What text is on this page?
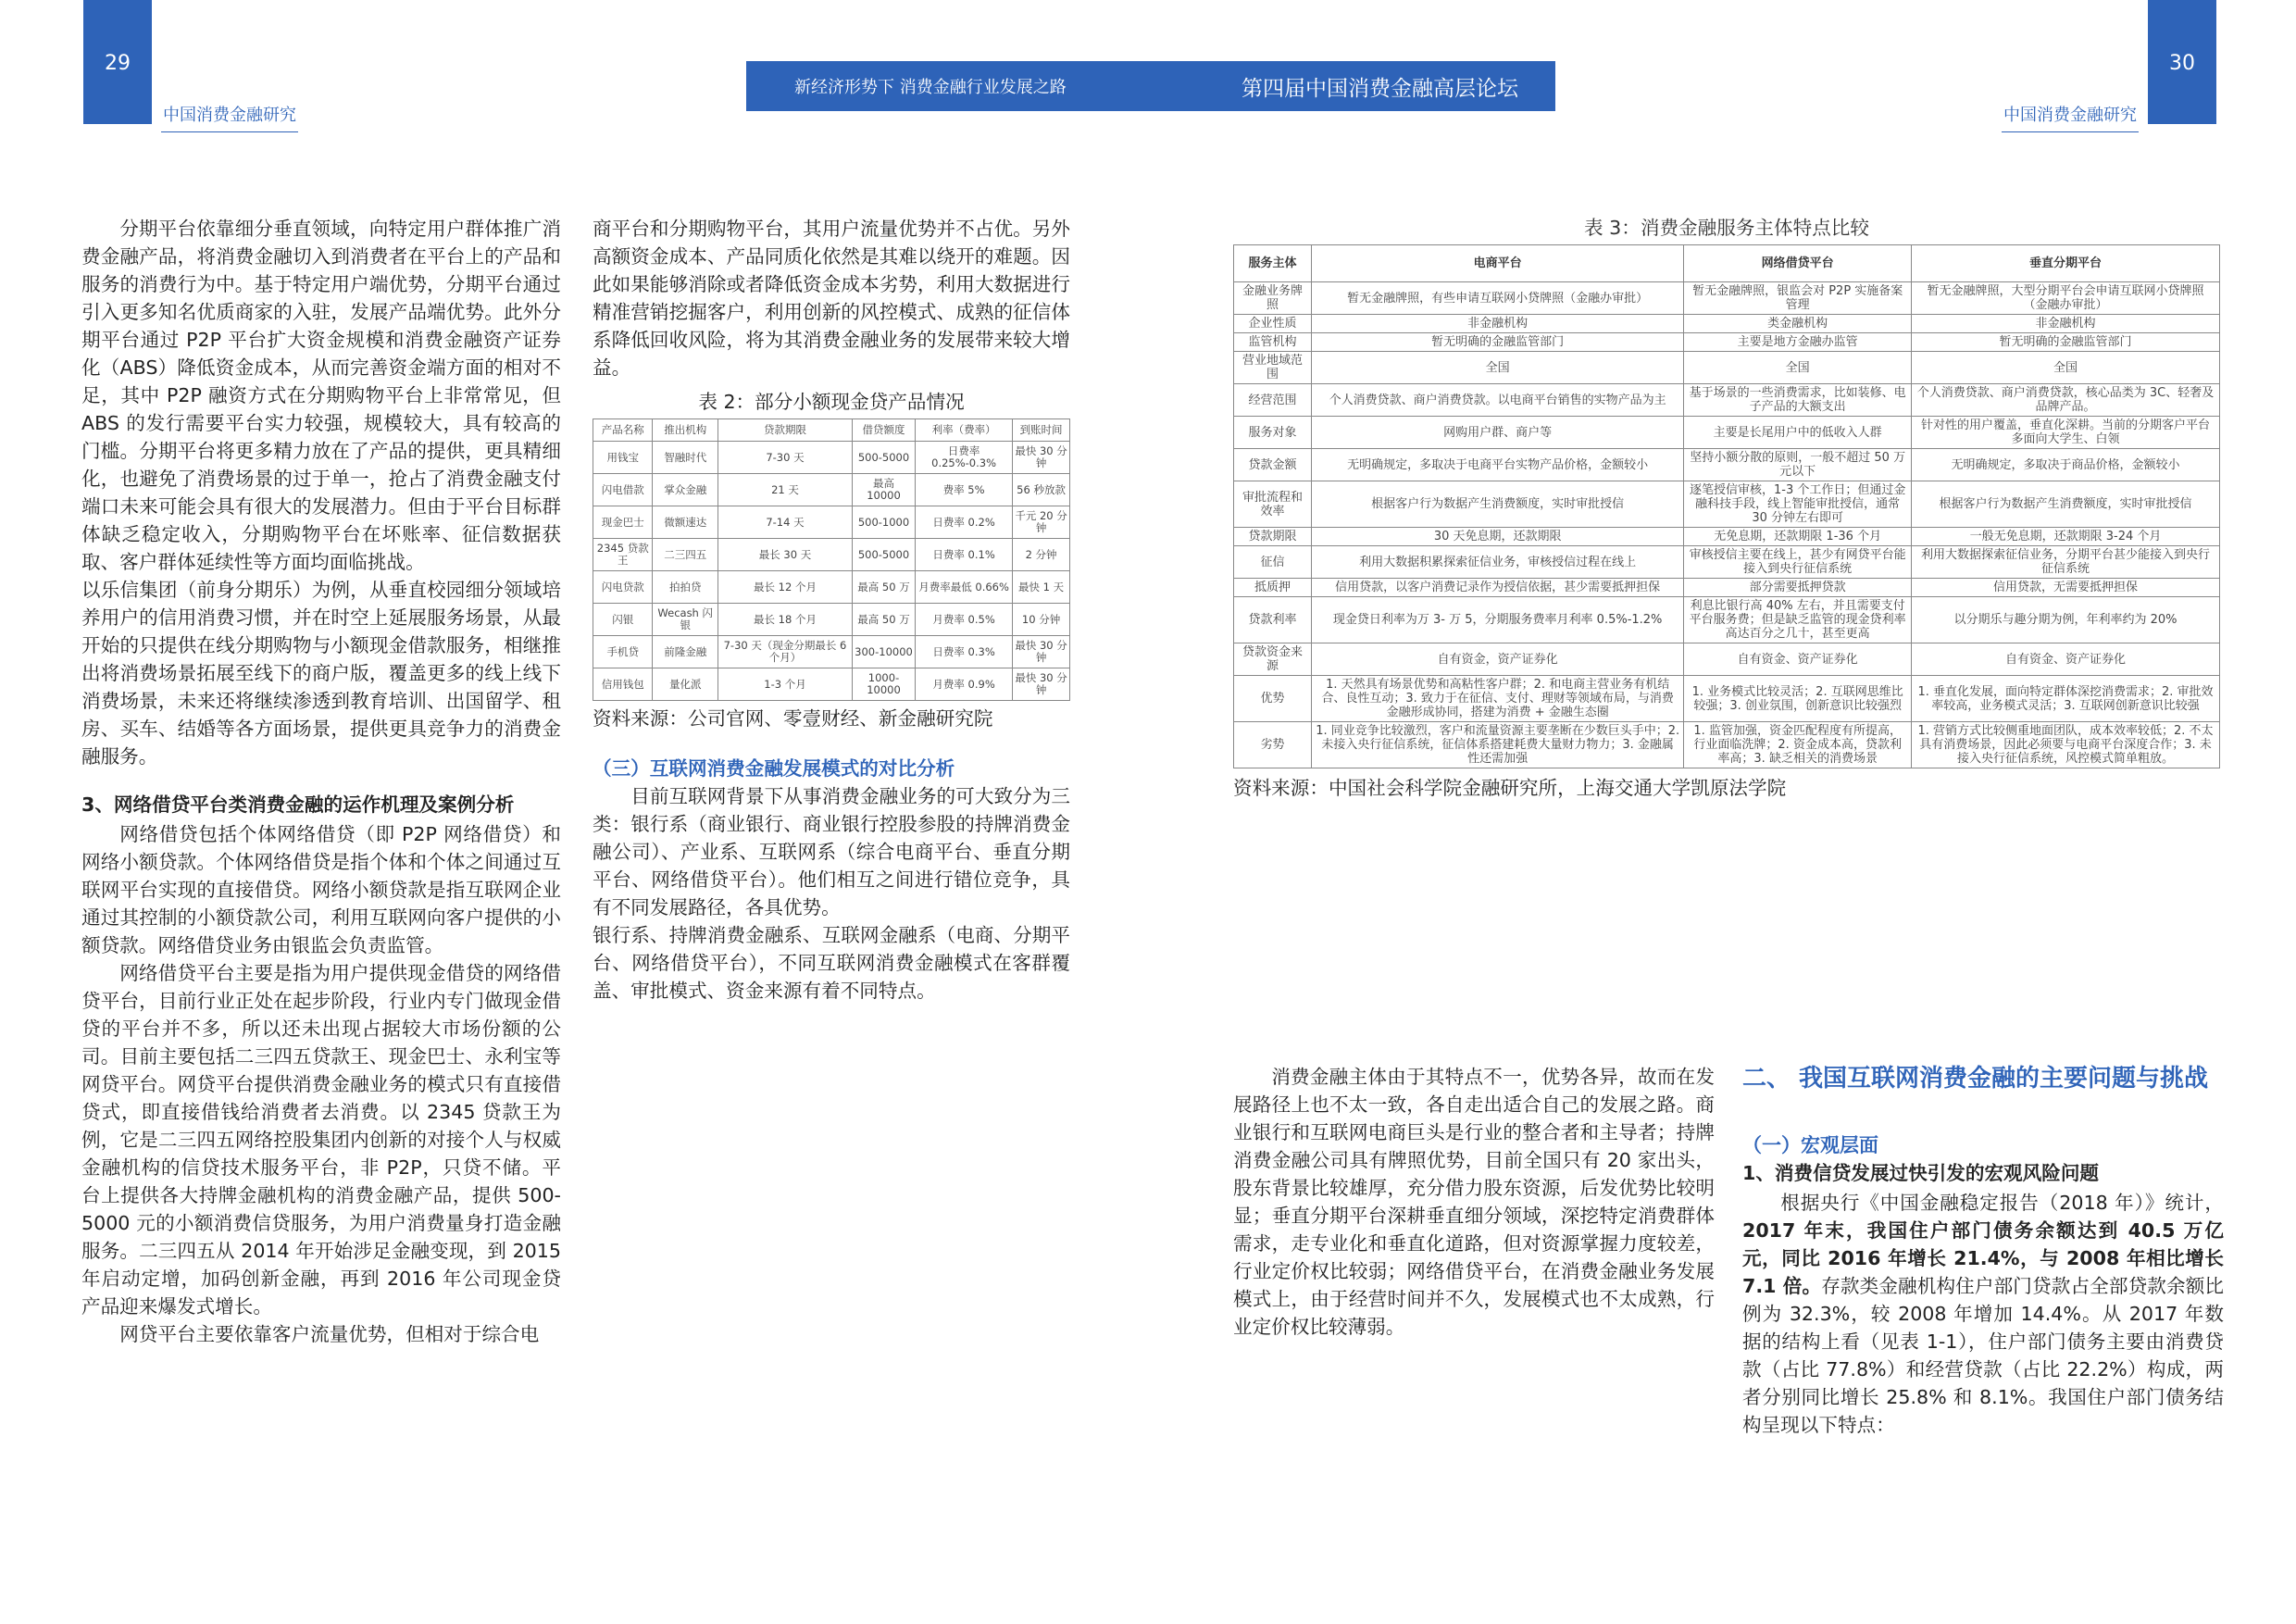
29
中国消费金融研究
新经济形势下 消费金融行业发展之路	第四届中国消费金融高层论坛
30
中国消费金融研究

分期平台依靠细分垂直领域，向特定用户群体推广消费金融产品，将消费金融切入到消费者在平台上的产品和服务的消费行为中。基于特定用户端优势，分期平台通过引入更多知名优质商家的入驻，发展产品端优势。此外分期平台通过 P2P 平台扩大资金规模和消费金融资产证券化（ABS）降低资金成本，从而完善资金端方面的相对不足，其中 P2P 融资方式在分期购物平台上非常常见，但 ABS 的发行需要平台实力较强，规模较大，具有较高的门槛。分期平台将更多精力放在了产品的提供，更具精细化，也避免了消费场景的过于单一，抢占了消费金融支付端口未来可能会具有很大的发展潜力。但由于平台目标群体缺乏稳定收入，分期购物平台在坏账率、征信数据获取、客户群体延续性等方面均面临挑战。

以乐信集团（前身分期乐）为例，从垂直校园细分领域培养用户的信用消费习惯，并在时空上延展服务场景，从最开始的只提供在线分期购物与小额现金借款服务，相继推出将消费场景拓展至线下的商户版，覆盖更多的线上线下消费场景，未来还将继续渗透到教育培训、出国留学、租房、买车、结婚等各方面场景，提供更具竞争力的消费金融服务。

3、网络借贷平台类消费金融的运作机理及案例分析

网络借贷包括个体网络借贷（即 P2P 网络借贷）和网络小额贷款。个体网络借贷是指个体和个体之间通过互联网平台实现的直接借贷。网络小额贷款是指互联网企业通过其控制的小额贷款公司，利用互联网向客户提供的小额贷款。网络借贷业务由银监会负责监管。

网络借贷平台主要是指为用户提供现金借贷的网络借贷平台，目前行业正处在起步阶段，行业内专门做现金借贷的平台并不多，所以还未出现占据较大市场份额的公司。目前主要包括二三四五贷款王、现金巴士、永利宝等网贷平台。网贷平台提供消费金融业务的模式只有直接借贷式，即直接借钱给消费者去消费。以 2345 贷款王为例，它是二三四五网络控股集团内创新的对接个人与权威金融机构的信贷技术服务平台，非 P2P，只贷不储。平台上提供各大持牌金融机构的消费金融产品，提供 500-5000 元的小额消费信贷服务，为用户消费量身打造金融服务。二三四五从 2014 年开始涉足金融变现，到 2015 年启动定增，加码创新金融，再到 2016 年公司现金贷产品迎来爆发式增长。

网贷平台主要依靠客户流量优势，但相对于综合电

商平台和分期购物平台，其用户流量优势并不占优。另外高额资金成本、产品同质化依然是其难以绕开的难题。因此如果能够消除或者降低资金成本劣势，利用大数据进行精准营销挖掘客户，利用创新的风控模式、成熟的征信体系降低回收风险，将为其消费金融业务的发展带来较大增益。

表 2：部分小额现金贷产品情况
产品名称	推出机构	贷款期限	借贷额度	利率（费率）	到账时间
用钱宝	智融时代	7-30 天	500-5000	日费率 0.25%-0.3%	最快 30 分钟
闪电借款	掌众金融	21 天	最高 10000	费率 5%	56 秒放款
现金巴士	微额速达	7-14 天	500-1000	日费率 0.2%	千元 20 分钟
2345 贷款王	二三四五	最长 30 天	500-5000	日费率 0.1%	2 分钟
闪电贷款	拍拍贷	最长 12 个月	最高 50 万	月费率最低 0.66%	最快 1 天
闪银	Wecash 闪银	最长 18 个月	最高 50 万	月费率 0.5%	10 分钟
手机贷	前隆金融	7-30 天（现金分期最长 6 个月）	300-10000	日费率 0.3%	最快 30 分钟
信用钱包	量化派	1-3 个月	1000-10000	月费率 0.9%	最快 30 分钟

资料来源：公司官网、零壹财经、新金融研究院

（三）互联网消费金融发展模式的对比分析

目前互联网背景下从事消费金融业务的可大致分为三类：银行系（商业银行、商业银行控股参股的持牌消费金融公司）、产业系、互联网系（综合电商平台、垂直分期平台、网络借贷平台）。他们相互之间进行错位竞争，具有不同发展路径，各具优势。

银行系、持牌消费金融系、互联网金融系（电商、分期平台、网络借贷平台），不同互联网消费金融模式在客群覆盖、审批模式、资金来源有着不同特点。

表 3：消费金融服务主体特点比较
服务主体	电商平台	网络借贷平台	垂直分期平台
金融业务牌照	暂无金融牌照，有些申请互联网小贷牌照（金融办审批）	暂无金融牌照，银监会对 P2P 实施备案管理	暂无金融牌照，大型分期平台会申请互联网小贷牌照（金融办审批）
企业性质	非金融机构	类金融机构	非金融机构
监管机构	暂无明确的金融监管部门	主要是地方金融办监管	暂无明确的金融监管部门
营业地域范围	全国	全国	全国
经营范围	个人消费贷款、商户消费贷款。以电商平台销售的实物产品为主	基于场景的一些消费需求，比如装修、电子产品的大额支出	个人消费贷款、商户消费贷款，核心品类为 3C、轻奢及品牌产品。
服务对象	网购用户群、商户等	主要是长尾用户中的低收入人群	针对性的用户覆盖，垂直化深耕。当前的分期客户平台多面向大学生、白领
贷款金额	无明确规定，多取决于电商平台实物产品价格，金额较小	坚持小额分散的原则，一般不超过 50 万元以下	无明确规定，多取决于商品价格，金额较小
审批流程和效率	根据客户行为数据产生消费额度，实时审批授信	逐笔授信审核，1-3 个工作日；但通过金融科技手段，线上智能审批授信，通常 30 分钟左右即可	根据客户行为数据产生消费额度，实时审批授信
贷款期限	30 天免息期，还款期限	无免息期，还款期限 1-36 个月	一般无免息期，还款期限 3-24 个月
征信	利用大数据积累探索征信业务，审核授信过程在线上	审核授信主要在线上，甚少有网贷平台能接入到央行征信系统	利用大数据探索征信业务，分期平台甚少能接入到央行征信系统
抵质押	信用贷款，以客户消费记录作为授信依据，甚少需要抵押担保	部分需要抵押贷款	信用贷款，无需要抵押担保
贷款利率	现金贷日利率为万 3- 万 5，分期服务费率月利率 0.5%-1.2%	利息比银行高 40% 左右，并且需要支付平台服务费；但是缺乏监管的现金贷利率高达百分之几十，甚至更高	以分期乐与趣分期为例，年利率约为 20%
贷款资金来源	自有资金，资产证券化	自有资金、资产证券化	自有资金、资产证券化
优势	1. 天然具有场景优势和高粘性客户群；2. 和电商主营业务有机结合、良性互动；3. 致力于在征信、支付、理财等领域布局，与消费金融形成协同，搭建为消费 + 金融生态圈	1. 业务模式比较灵活；2. 互联网思维比较强；3. 创业氛围，创新意识比较强烈	1. 垂直化发展，面向特定群体深挖消费需求；2. 审批效率较高，业务模式灵活；3. 互联网创新意识比较强
劣势	1. 同业竞争比较激烈，客户和流量资源主要垄断在少数巨头手中；2. 未接入央行征信系统，征信体系搭建耗费大量财力物力；3. 金融属性还需加强	1. 监管加强，资金匹配程度有所提高，行业面临洗牌；2. 资金成本高，贷款利率高；3. 缺乏相关的消费场景	1. 营销方式比较侧重地面团队，成本效率较低；2. 不太具有消费场景，因此必须要与电商平台深度合作；3. 未接入央行征信系统，风控模式简单粗放。

资料来源：中国社会科学院金融研究所，上海交通大学凯原法学院

消费金融主体由于其特点不一，优势各异，故而在发展路径上也不太一致，各自走出适合自己的发展之路。商业银行和互联网电商巨头是行业的整合者和主导者；持牌消费金融公司具有牌照优势，目前全国只有 20 家出头，股东背景比较雄厚，充分借力股东资源，后发优势比较明显；垂直分期平台深耕垂直细分领域，深挖特定消费群体需求，走专业化和垂直化道路，但对资源掌握力度较差，行业定价权比较弱；网络借贷平台，在消费金融业务发展模式上，由于经营时间并不久，发展模式也不太成熟，行业定价权比较薄弱。

二、 我国互联网消费金融的主要问题与挑战

（一）宏观层面

1、消费信贷发展过快引发的宏观风险问题

根据央行《中国金融稳定报告（2018 年）》统计，2017 年末，我国住户部门债务余额达到 40.5 万亿元，同比 2016 年增长 21.4%，与 2008 年相比增长 7.1 倍。存款类金融机构住户部门贷款占全部贷款余额比例为 32.3%，较 2008 年增加 14.4%。从 2017 年数据的结构上看（见表 1-1），住户部门债务主要由消费贷款（占比 77.8%）和经营贷款（占比 22.2%）构成，两者分别同比增长 25.8% 和 8.1%。我国住户部门债务结构呈现以下特点：
